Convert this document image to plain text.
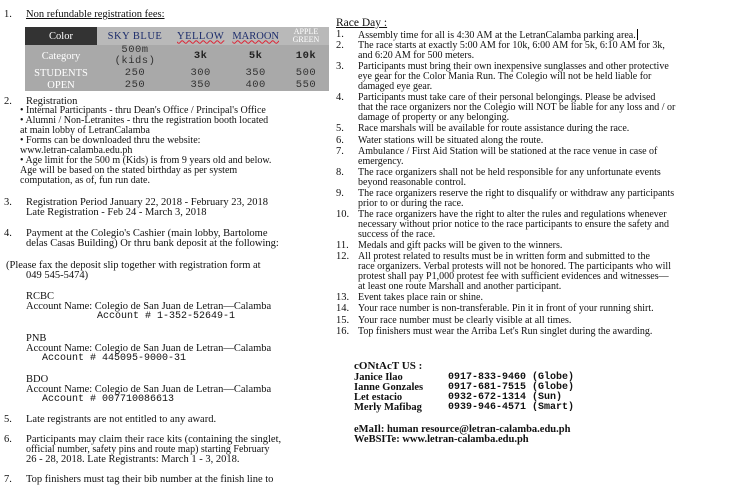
1. Non refundable registration fees:
Color	SKY BLUE	YELLOW	MAROON	APPLE GREEN
Category	500m (kids)	3k	5k	10k
STUDENTS	250	300	350	500
OPEN	250	350	400	550
2. Registration
• Internal Participants - thru Dean's Office / Principal's Office
• Alumni / Non-Letranites - thru the registration booth located
at main lobby of LetranCalamba
• Forms can be downloaded thru the website:
www.letran-calamba.edu.ph
• Age limit for the 500 m (Kids) is from 9 years old and below.
Age will be based on the stated birthday as per system
computation, as of, fun run date.
3. Registration Period January 22, 2018 - February 23, 2018
Late Registration - Feb 24 - March 3, 2018
4. Payment at the Colegio's Cashier (main lobby, Bartolome
delas Casas Building) Or thru bank deposit at the following:
(Please fax the deposit slip together with registration form at
049 545-5474)
RCBC
Account Name: Colegio de San Juan de Letran—Calamba
Account # 1-352-52649-1
PNB
Account Name: Colegio de San Juan de Letran—Calamba
Account # 445095-9000-31
BDO
Account Name: Colegio de San Juan de Letran—Calamba
Account # 007710086613
5. Late registrants are not entitled to any award.
6. Participants may claim their race kits (containing the singlet,
official number, safety pins and route map) starting February
26 - 28, 2018. Late Registrants: March 1 - 3, 2018.
7. Top finishers must tag their bib number at the finish line to
Race Day :
1. Assembly time for all is 4:30 AM at the LetranCalamba parking area.
2. The race starts at exactly 5:00 AM for 10k, 6:00 AM for 5k, 6:10 AM for 3k,
and 6:20 AM for 500 meters.
3. Participants must bring their own inexpensive sunglasses and other protective
eye gear for the Color Mania Run. The Colegio will not be held liable for
damaged eye gear.
4. Participants must take care of their personal belongings. Please be advised
that the race organizers nor the Colegio will NOT be liable for any loss and / or
damage of property or any belonging.
5. Race marshals will be available for route assistance during the race.
6. Water stations will be situated along the route.
7. Ambulance / First Aid Station will be stationed at the race venue in case of
emergency.
8. The race organizers shall not be held responsible for any unfortunate events
beyond reasonable control.
9. The race organizers reserve the right to disqualify or withdraw any participants
prior to or during the race.
10. The race organizers have the right to alter the rules and regulations whenever
necessary without prior notice to the race participants to ensure the safety and
success of the race.
11. Medals and gift packs will be given to the winners.
12. All protest related to results must be in written form and submitted to the
race organizers. Verbal protests will not be honored. The participants who will
protest shall pay P1,000 protest fee with sufficient evidences and witnesses—
at least one route Marshall and another participant.
13. Event takes place rain or shine.
14. Your race number is non-transferable. Pin it in front of your running shirt.
15. Your race number must be clearly visible at all times.
16. Top finishers must wear the Arriba Let's Run singlet during the awarding.
cONtAcT US :
Janice Ilao	0917-833-9460 (Globe)
Ianne Gonzales 0917-681-7515 (Globe)
Let estacio	0932-672-1314 (Sun)
Merly Mafibag	0939-946-4571 (Smart)
eMaIl: human resource@letran-calamba.edu.ph
WeBSITe: www.letran-calamba.edu.ph
